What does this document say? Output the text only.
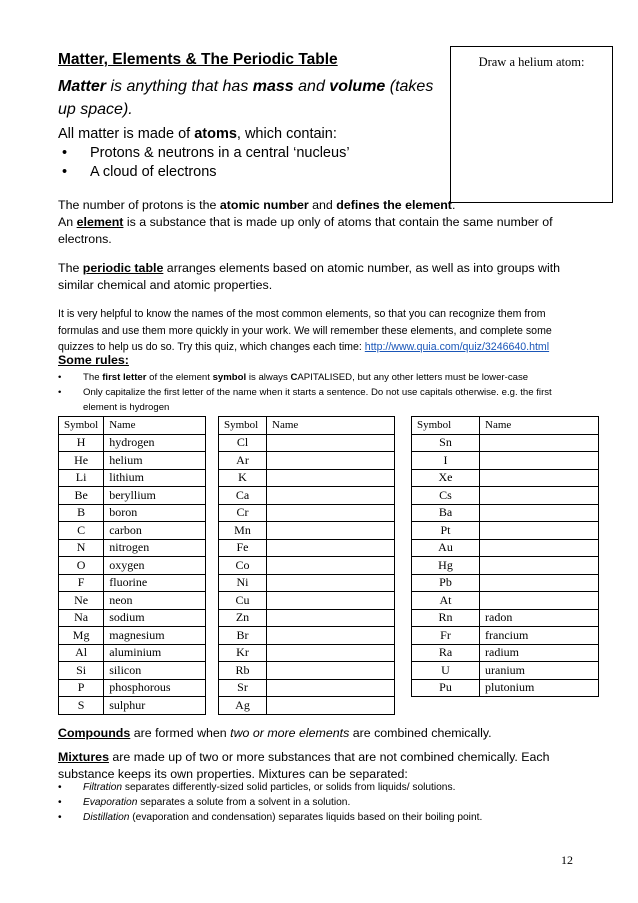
Matter, Elements & The Periodic Table	Draw a helium atom:
Matter is anything that has mass and volume (takes up space).
All matter is made of atoms, which contain:
• Protons & neutrons in a central ‘nucleus’
• A cloud of electrons
The number of protons is the atomic number and defines the element.
An element is a substance that is made up only of atoms that contain the same number of electrons.
The periodic table arranges elements based on atomic number, as well as into groups with similar chemical and atomic properties.
It is very helpful to know the names of the most common elements, so that you can recognize them from formulas and use them more quickly in your work. We will remember these elements, and complete some quizzes to help us do so. Try this quiz, which changes each time: http://www.quia.com/quiz/3246640.html
Some rules:
•	The first letter of the element symbol is always CAPITALISED, but any other letters must be lower-case
•	Only capitalize the first letter of the name when it starts a sentence. Do not use capitals otherwise. e.g. the first element is hydrogen
Symbol	Name
H	hydrogen
He	helium
Li	lithium
Be	beryllium
B	boron
C	carbon
N	nitrogen
O	oxygen
F	fluorine
Ne	neon
Na	sodium
Mg	magnesium
Al	aluminium
Si	silicon
P	phosphorous
S	sulphur
Symbol	Name
Cl	
Ar	
K	
Ca	
Cr	
Mn	
Fe	
Co	
Ni	
Cu	
Zn	
Br	
Kr	
Rb	
Sr	
Ag	
Symbol	Name
Sn	
I	
Xe	
Cs	
Ba	
Pt	
Au	
Hg	
Pb	
At	
Rn	radon
Fr	francium
Ra	radium
U	uranium
Pu	plutonium
Compounds are formed when two or more elements are combined chemically.
Mixtures are made up of two or more substances that are not combined chemically. Each substance keeps its own properties. Mixtures can be separated:
•	Filtration separates differently-sized solid particles, or solids from liquids/ solutions.
•	Evaporation separates a solute from a solvent in a solution.
•	Distillation (evaporation and condensation) separates liquids based on their boiling point.
12
